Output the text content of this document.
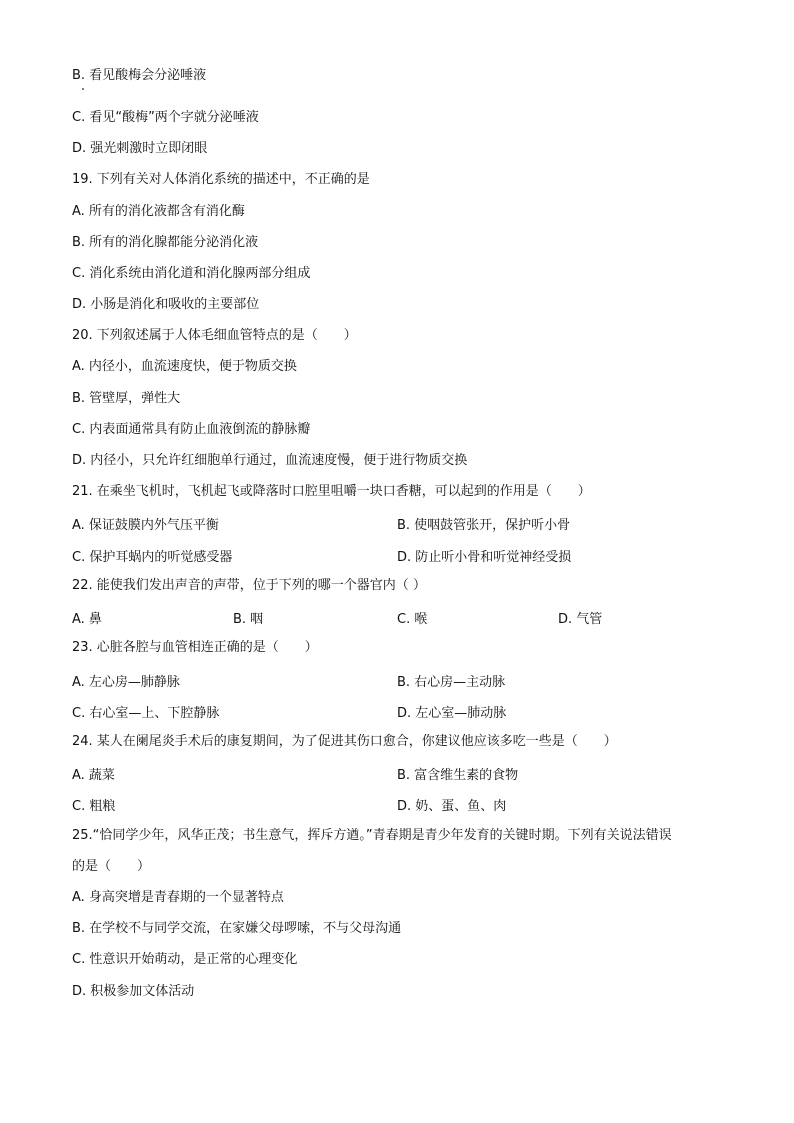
B. 看见酸梅会分泌唾液
C. 看见“酸梅”两个字就分泌唾液
D. 强光刺激时立即闭眼
19. 下列有关对人体消化系统的描述中，不正确的是
A. 所有的消化液都含有消化酶
B. 所有的消化腺都能分泌消化液
C. 消化系统由消化道和消化腺两部分组成
D. 小肠是消化和吸收的主要部位
20. 下列叙述属于人体毛细血管特点的是（　　）
A. 内径小，血流速度快，便于物质交换
B. 管壁厚，弹性大
C. 内表面通常具有防止血液倒流的静脉瓣
D. 内径小，只允许红细胞单行通过，血流速度慢，便于进行物质交换
21. 在乘坐飞机时，飞机起飞或降落时口腔里咀嚼一块口香糖，可以起到的作用是（　　）
A. 保证鼓膜内外气压平衡	B. 使咽鼓管张开，保护听小骨
C. 保护耳蜗内的听觉感受器	D. 防止听小骨和听觉神经受损
22. 能使我们发出声音的声带，位于下列的哪一个器官内（ ）
A. 鼻	B. 咽	C. 喉	D. 气管
23. 心脏各腔与血管相连正确的是（　　）
A. 左心房—肺静脉	B. 右心房—主动脉
C. 右心室—上、下腔静脉	D. 左心室—肺动脉
24. 某人在阑尾炎手术后的康复期间，为了促进其伤口愈合，你建议他应该多吃一些是（　　）
A. 蔬菜	B. 富含维生素的食物
C. 粗粮	D. 奶、蛋、鱼、肉
25.“恰同学少年，风华正茂；书生意气，挥斥方遒。”青春期是青少年发育的关键时期。下列有关说法错误
的是（　　）
A. 身高突增是青春期的一个显著特点
B. 在学校不与同学交流，在家嫌父母啰嗦，不与父母沟通
C. 性意识开始萌动，是正常的心理变化
D. 积极参加文体活动
